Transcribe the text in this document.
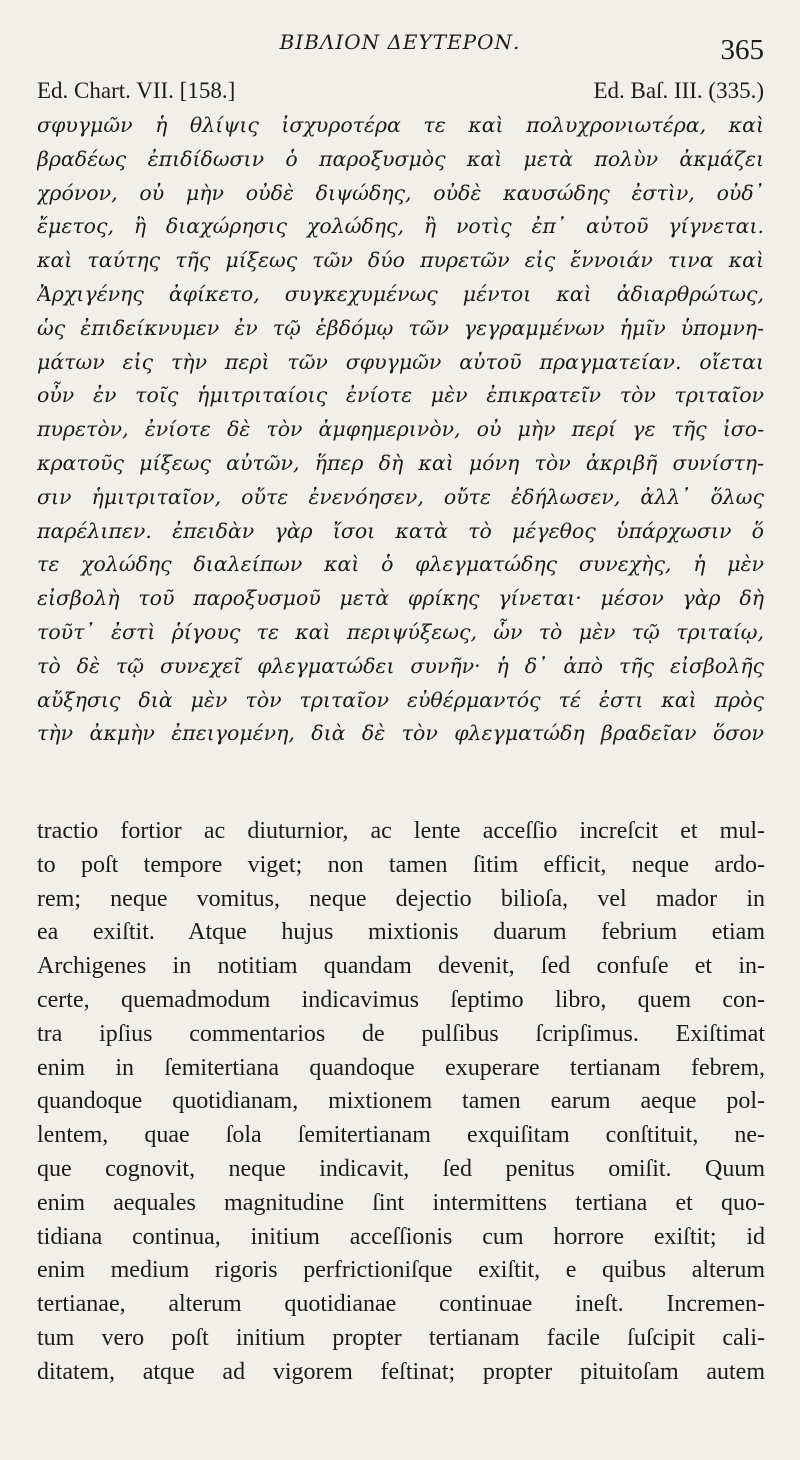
ΒΙΒΛΙΟΝ ΔΕΥΤΕΡΟΝ.	365
Ed. Chart. VII. [158.]	Ed. Baſ. III. (335.)
σφυγμῶν ἡ θλίψις ἰσχυροτέρα τε καὶ πολυχρονιωτέρα, καὶ
βραδέως ἐπιδίδωσιν ὁ παροξυσμὸς καὶ μετὰ πολὺν ἀκμάζει
χρόνον, οὐ μὴν οὐδὲ διψώδης, οὐδὲ καυσώδης ἐστὶν, οὐδ᾽
ἔμετος, ἢ διαχώρησις χολώδης, ἢ νοτὶς ἐπ᾽ αὐτοῦ γίγνεται.
καὶ ταύτης τῆς μίξεως τῶν δύο πυρετῶν εἰς ἔννοιάν τινα καὶ
Ἀρχιγένης ἀφίκετο, συγκεχυμένως μέντοι καὶ ἀδιαρθρώτως,
ὡς ἐπιδείκνυμεν ἐν τῷ ἑβδόμῳ τῶν γεγραμμένων ἡμῖν ὑπομνη-
μάτων εἰς τὴν περὶ τῶν σφυγμῶν αὐτοῦ πραγματείαν. οἴεται
οὖν ἐν τοῖς ἡμιτριταίοις ἐνίοτε μὲν ἐπικρατεῖν τὸν τριταῖον
πυρετὸν, ἐνίοτε δὲ τὸν ἀμφημερινὸν, οὐ μὴν περί γε τῆς ἰσο-
κρατοῦς μίξεως αὐτῶν, ἥπερ δὴ καὶ μόνη τὸν ἀκριβῆ συνίστη-
σιν ἡμιτριταῖον, οὔτε ἐνενόησεν, οὔτε ἐδήλωσεν, ἀλλ᾽ ὅλως
παρέλιπεν. ἐπειδὰν γὰρ ἴσοι κατὰ τὸ μέγεθος ὑπάρχωσιν ὅ
τε χολώδης διαλείπων καὶ ὁ φλεγματώδης συνεχὴς, ἡ μὲν
εἰσβολὴ τοῦ παροξυσμοῦ μετὰ φρίκης γίνεται· μέσον γὰρ δὴ
τοῦτ᾽ ἐστὶ ῥίγους τε καὶ περιψύξεως, ὧν τὸ μὲν τῷ τριταίῳ,
τὸ δὲ τῷ συνεχεῖ φλεγματώδει συνῆν· ἡ δ᾽ ἀπὸ τῆς εἰσβολῆς
αὔξησις διὰ μὲν τὸν τριταῖον εὐθέρμαντός τέ ἐστι καὶ πρὸς
τὴν ἀκμὴν ἐπειγομένη, διὰ δὲ τὸν φλεγματώδη βραδεῖαν ὅσον
tractio fortior ac diuturnior, ac lente acceſſio increſcit et mul-
to poſt tempore viget; non tamen ſitim efficit, neque ardo-
rem; neque vomitus, neque dejectio bilioſa, vel mador in
ea exiſtit. Atque hujus mixtionis duarum febrium etiam
Archigenes in notitiam quandam devenit, ſed confuſe et in-
certe, quemadmodum indicavimus ſeptimo libro, quem con-
tra ipſius commentarios de pulſibus ſcripſimus. Exiſtimat
enim in ſemitertiana quandoque exuperare tertianam febrem,
quandoque quotidianam, mixtionem tamen earum aeque pol-
lentem, quae ſola ſemitertianam exquiſitam conſtituit, ne-
que cognovit, neque indicavit, ſed penitus omiſit. Quum
enim aequales magnitudine ſint intermittens tertiana et quo-
tidiana continua, initium acceſſionis cum horrore exiſtit; id
enim medium rigoris perfrictioniſque exiſtit, e quibus alterum
tertianae, alterum quotidianae continuae ineſt. Incremen-
tum vero poſt initium propter tertianam facile ſuſcipit cali-
ditatem, atque ad vigorem feſtinat; propter pituitoſam autem
